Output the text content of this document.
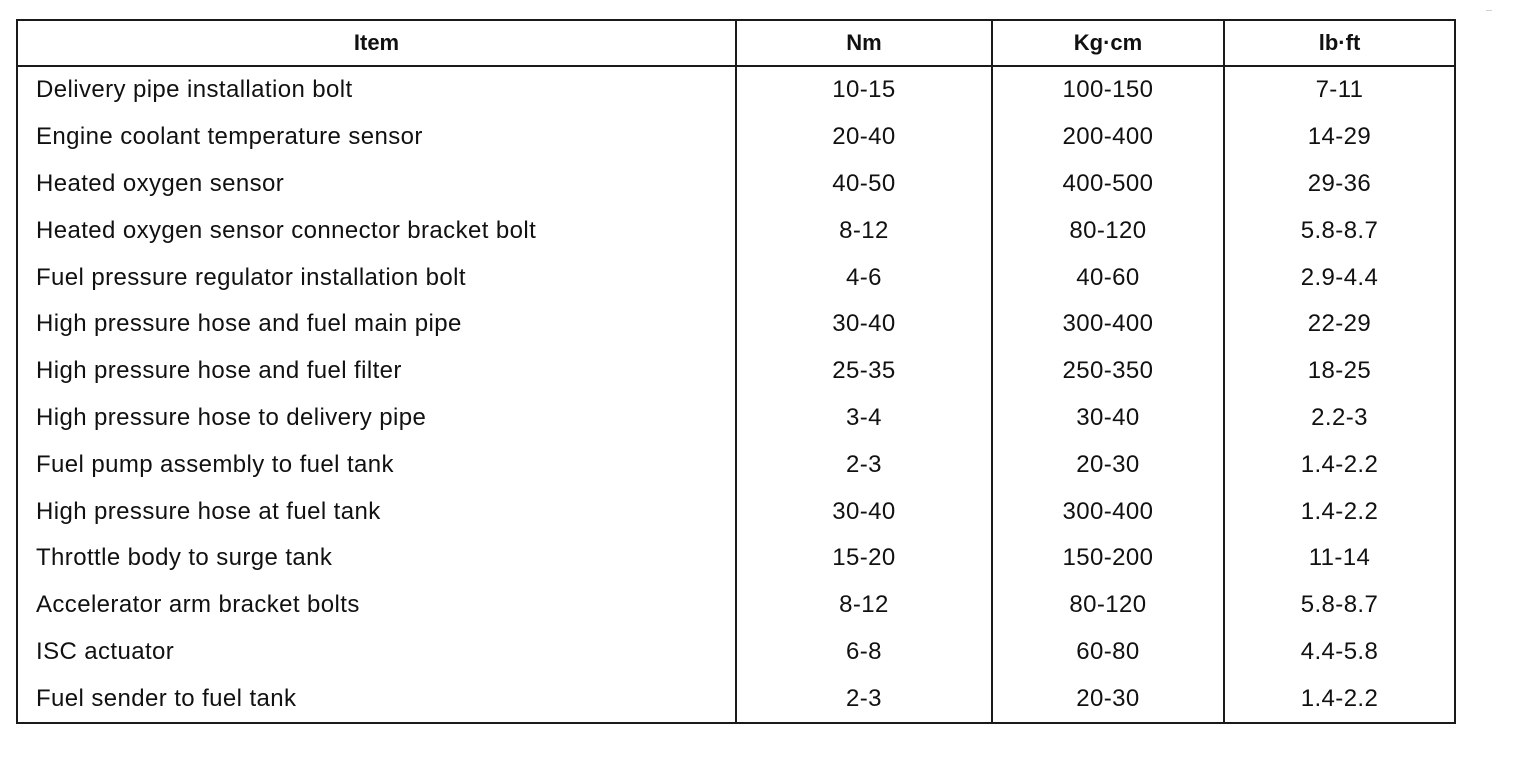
Item	Nm	Kg·cm	lb·ft
Delivery pipe installation bolt	10-15	100-150	7-11
Engine coolant temperature sensor	20-40	200-400	14-29
Heated oxygen sensor	40-50	400-500	29-36
Heated oxygen sensor connector bracket bolt	8-12	80-120	5.8-8.7
Fuel pressure regulator installation bolt	4-6	40-60	2.9-4.4
High pressure hose and fuel main pipe	30-40	300-400	22-29
High pressure hose and fuel filter	25-35	250-350	18-25
High pressure hose to delivery pipe	3-4	30-40	2.2-3
Fuel pump assembly to fuel tank	2-3	20-30	1.4-2.2
High pressure hose at fuel tank	30-40	300-400	1.4-2.2
Throttle body to surge tank	15-20	150-200	11-14
Accelerator arm bracket bolts	8-12	80-120	5.8-8.7
ISC actuator	6-8	60-80	4.4-5.8
Fuel sender to fuel tank	2-3	20-30	1.4-2.2
